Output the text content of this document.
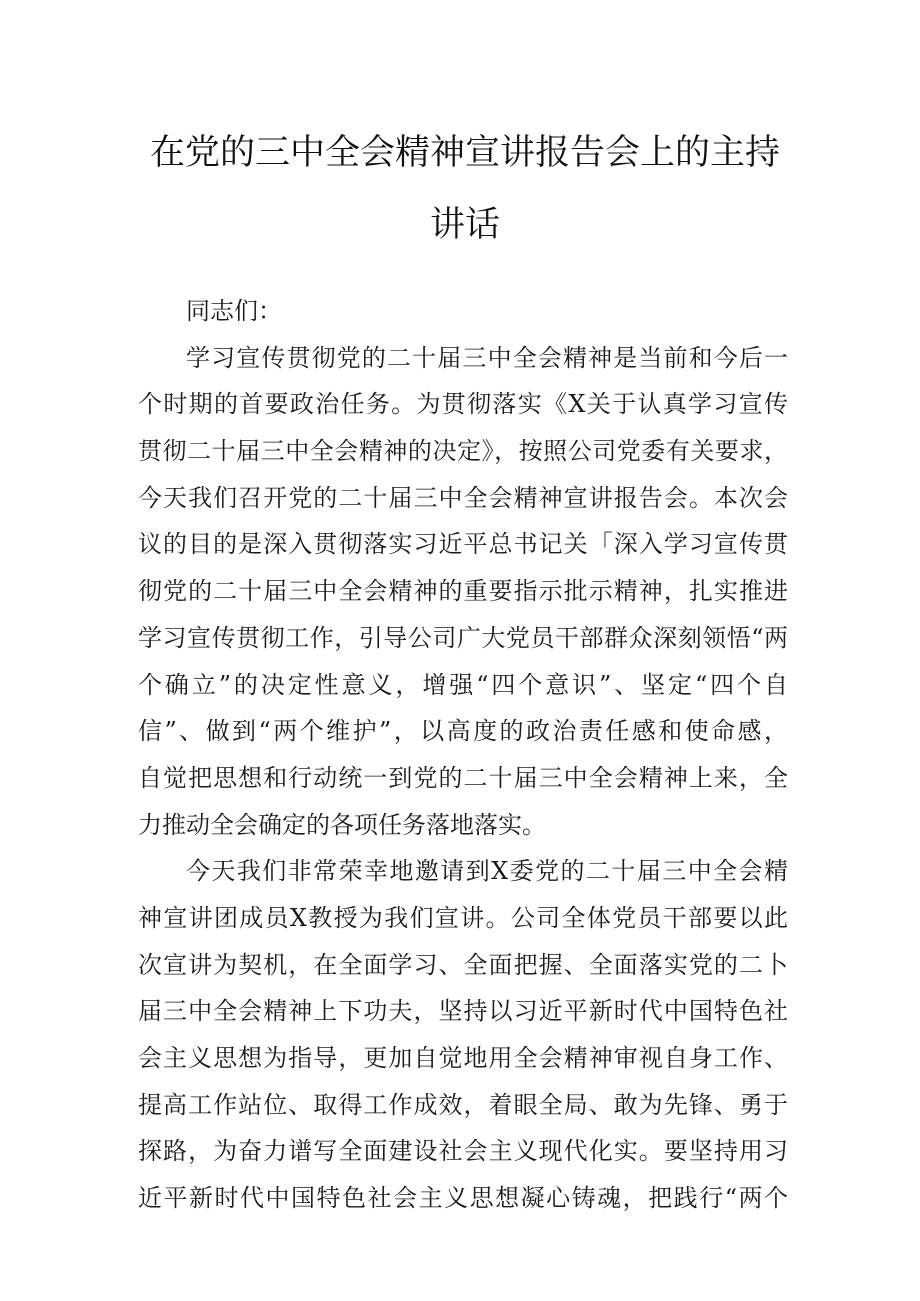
在党的三中全会精神宣讲报告会上的主持
讲话
同志们：
学习宣传贯彻党的二十届三中全会精神是当前和今后一
个时期的首要政治任务。为贯彻落实《X关于认真学习宣传
贯彻二十届三中全会精神的决定》，按照公司党委有关要求，
今天我们召开党的二十届三中全会精神宣讲报告会。本次会
议的目的是深入贯彻落实习近平总书记关「深入学习宣传贯
彻党的二十届三中全会精神的重要指示批示精神，扎实推进
学习宣传贯彻工作，引导公司广大党员干部群众深刻领悟“两
个确立”的决定性意义，增强“四个意识”、坚定“四个自
信”、做到“两个维护”，以高度的政治责任感和使命感，
自觉把思想和行动统一到党的二十届三中全会精神上来，全
力推动全会确定的各项任务落地落实。
今天我们非常荣幸地邀请到X委党的二十届三中全会精
神宣讲团成员X教授为我们宣讲。公司全体党员干部要以此
次宣讲为契机，在全面学习、全面把握、全面落实党的二卜
届三中全会精神上下功夫，坚持以习近平新时代中国特色社
会主义思想为指导，更加自觉地用全会精神审视自身工作、
提高工作站位、取得工作成效，着眼全局、敢为先锋、勇于
探路，为奋力谱写全面建设社会主义现代化实。要坚持用习
近平新时代中国特色社会主义思想凝心铸魂，把践行“两个
